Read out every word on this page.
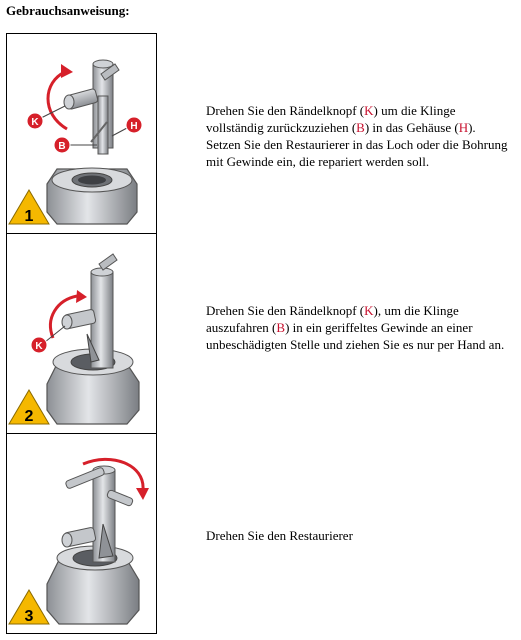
Gebrauchsanweisung:
K
B
H
1
K
2
3
Drehen Sie den Rändelknopf (K) um die Klinge vollständig zurückzuziehen (B) in das Gehäuse (H). Setzen Sie den Restaurierer in das Loch oder die Bohrung mit Gewinde ein, die repariert werden soll.
Drehen Sie den Rändelknopf (K), um die Klinge auszufahren (B) in ein geriffeltes Gewinde an einer unbeschädigten Stelle und ziehen Sie es nur per Hand an.
Drehen Sie den Restaurierer
